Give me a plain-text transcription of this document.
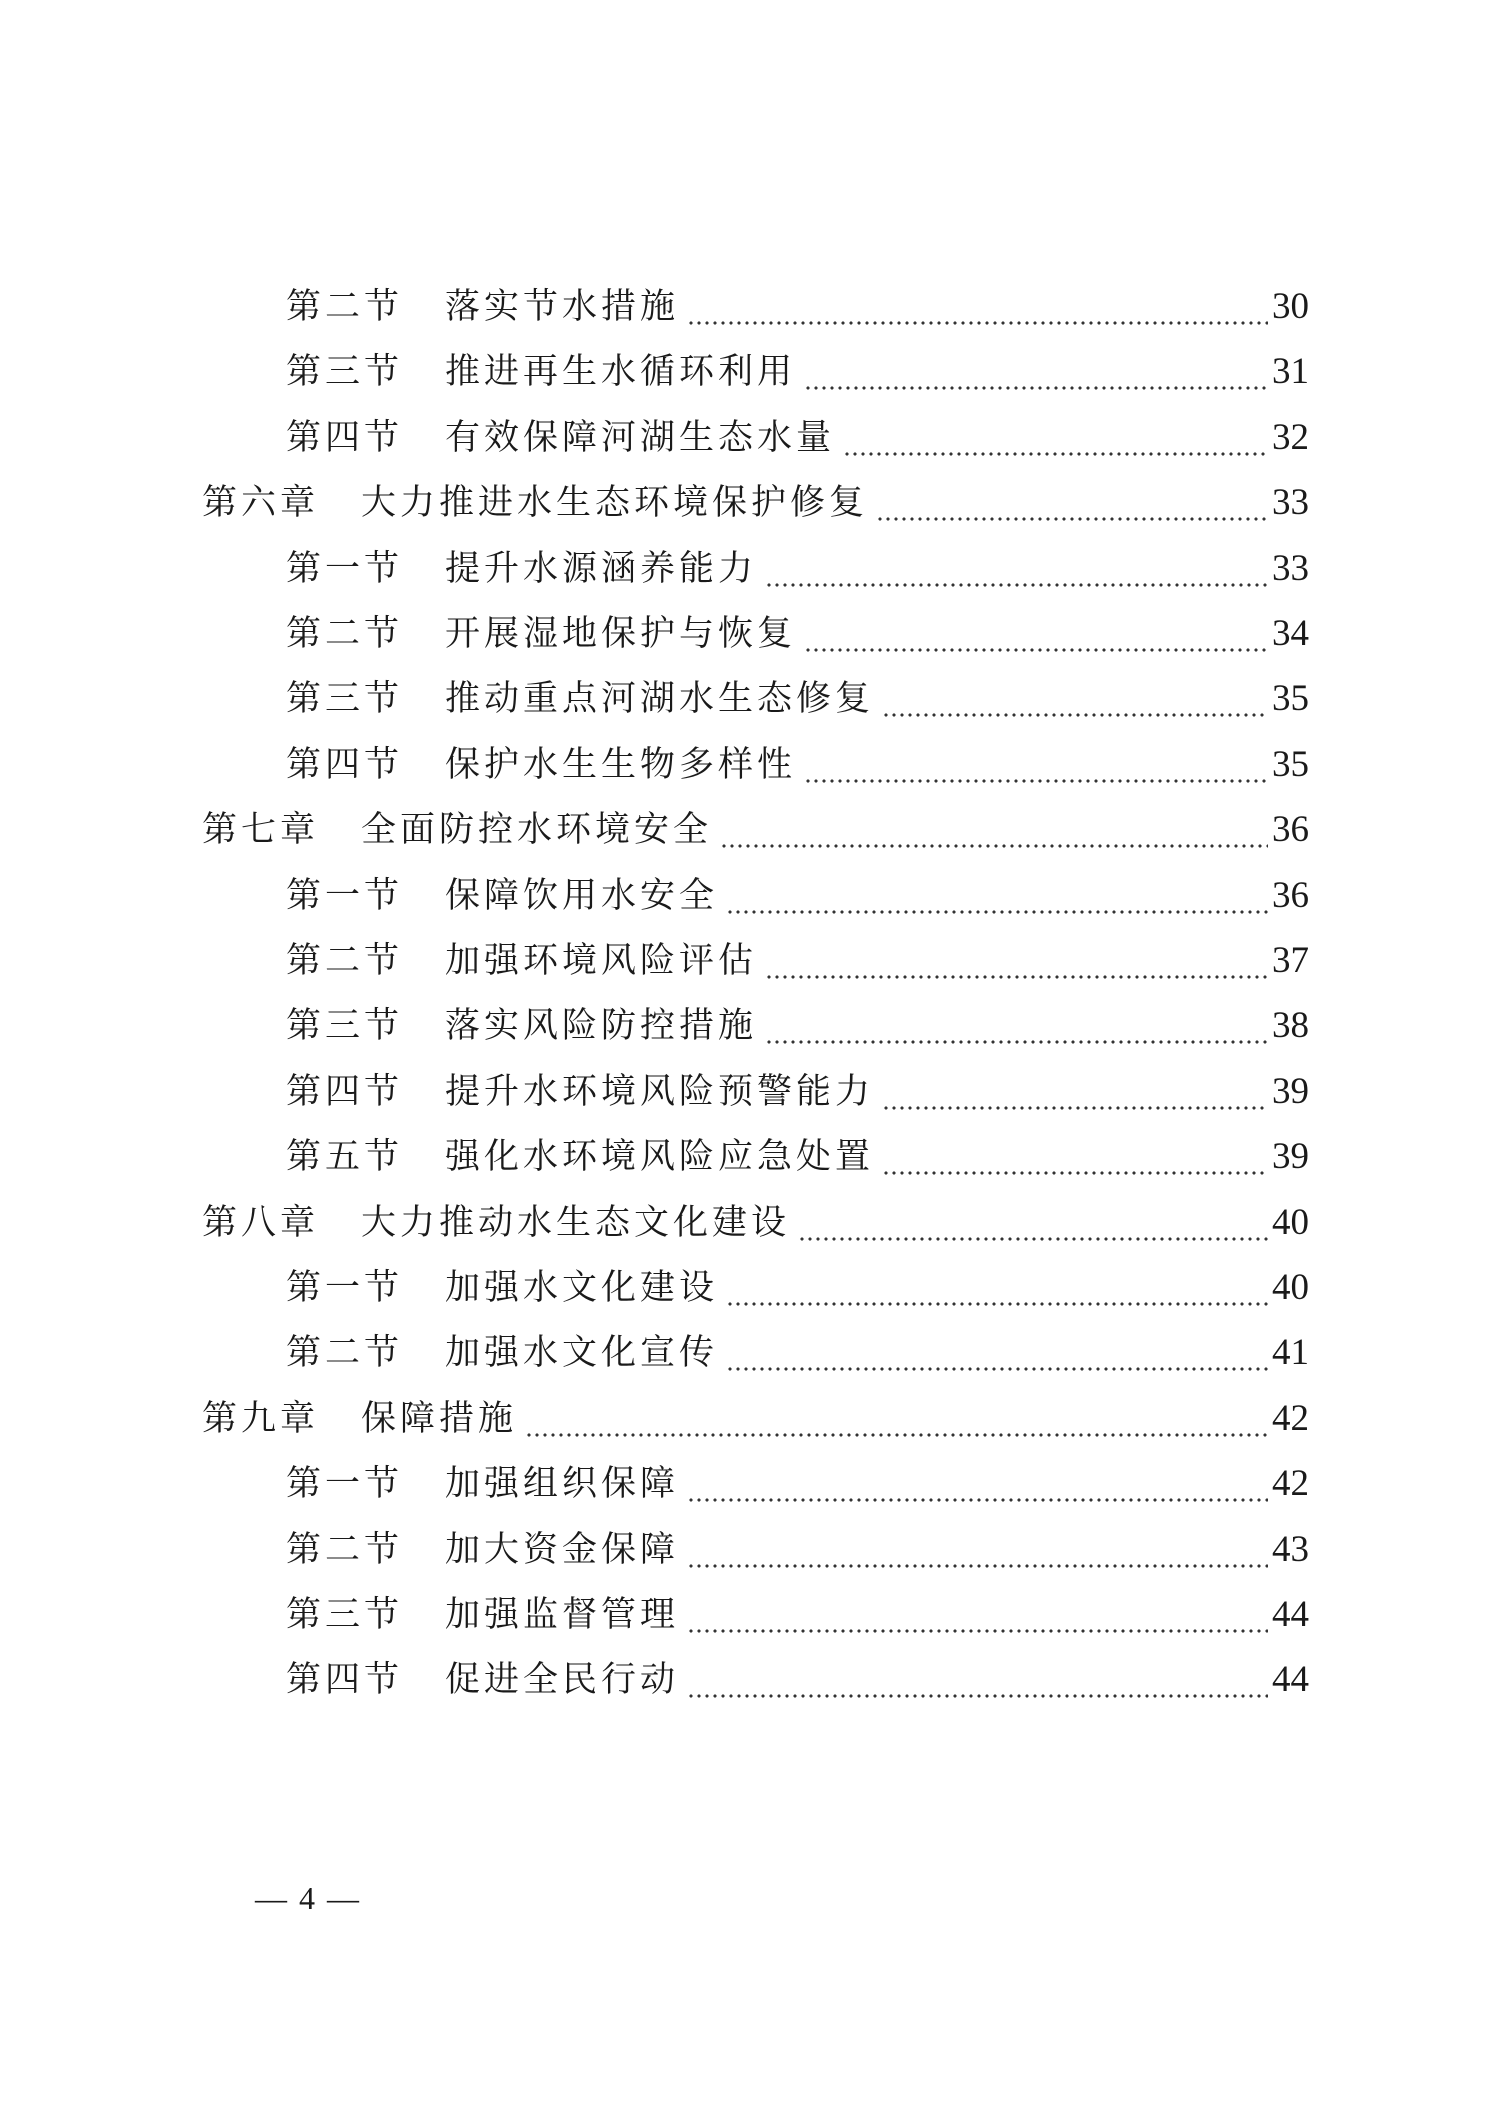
第二节 落实节水措施	30
第三节 推进再生水循环利用	31
第四节 有效保障河湖生态水量	32
第六章 大力推进水生态环境保护修复	33
第一节 提升水源涵养能力	33
第二节 开展湿地保护与恢复	34
第三节 推动重点河湖水生态修复	35
第四节 保护水生生物多样性	35
第七章 全面防控水环境安全	36
第一节 保障饮用水安全	36
第二节 加强环境风险评估	37
第三节 落实风险防控措施	38
第四节 提升水环境风险预警能力	39
第五节 强化水环境风险应急处置	39
第八章 大力推动水生态文化建设	40
第一节 加强水文化建设	40
第二节 加强水文化宣传	41
第九章 保障措施	42
第一节 加强组织保障	42
第二节 加大资金保障	43
第三节 加强监督管理	44
第四节 促进全民行动	44
— 4 —
